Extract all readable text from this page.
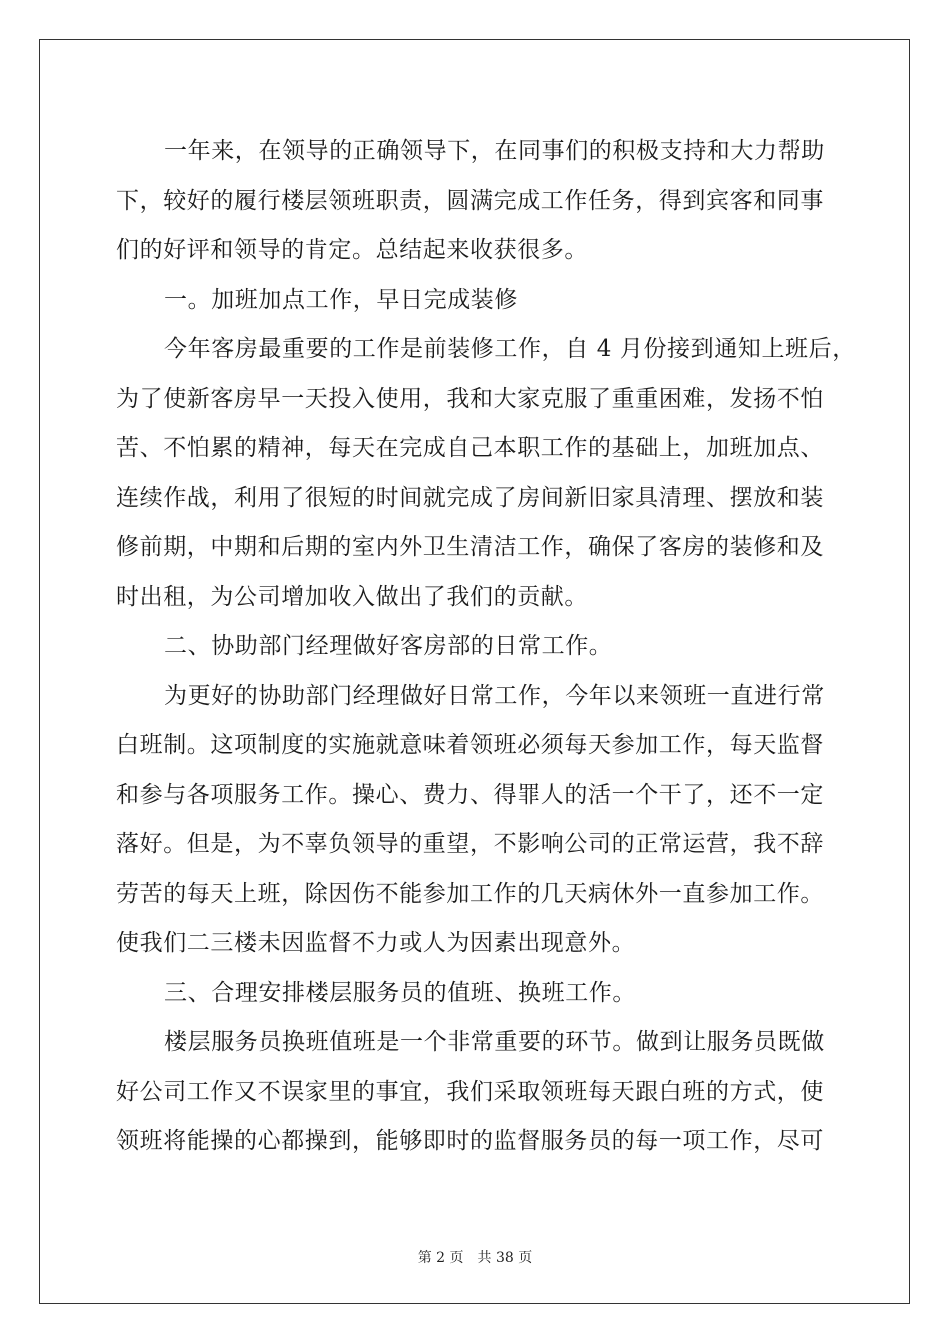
一年来，在领导的正确领导下，在同事们的积极支持和大力帮助
下，较好的履行楼层领班职责，圆满完成工作任务，得到宾客和同事
们的好评和领导的肯定。总结起来收获很多。
一。加班加点工作，早日完成装修
今年客房最重要的工作是前装修工作，自 4 月份接到通知上班后，
为了使新客房早一天投入使用，我和大家克服了重重困难，发扬不怕
苦、不怕累的精神，每天在完成自己本职工作的基础上，加班加点、
连续作战，利用了很短的时间就完成了房间新旧家具清理、摆放和装
修前期，中期和后期的室内外卫生清洁工作，确保了客房的装修和及
时出租，为公司增加收入做出了我们的贡献。
二、协助部门经理做好客房部的日常工作。
为更好的协助部门经理做好日常工作，今年以来领班一直进行常
白班制。这项制度的实施就意味着领班必须每天参加工作，每天监督
和参与各项服务工作。操心、费力、得罪人的活一个干了，还不一定
落好。但是，为不辜负领导的重望，不影响公司的正常运营，我不辞
劳苦的每天上班，除因伤不能参加工作的几天病休外一直参加工作。
使我们二三楼未因监督不力或人为因素出现意外。
三、合理安排楼层服务员的值班、换班工作。
楼层服务员换班值班是一个非常重要的环节。做到让服务员既做
好公司工作又不误家里的事宜，我们采取领班每天跟白班的方式，使
领班将能操的心都操到，能够即时的监督服务员的每一项工作，尽可
第 2 页 共 38 页
